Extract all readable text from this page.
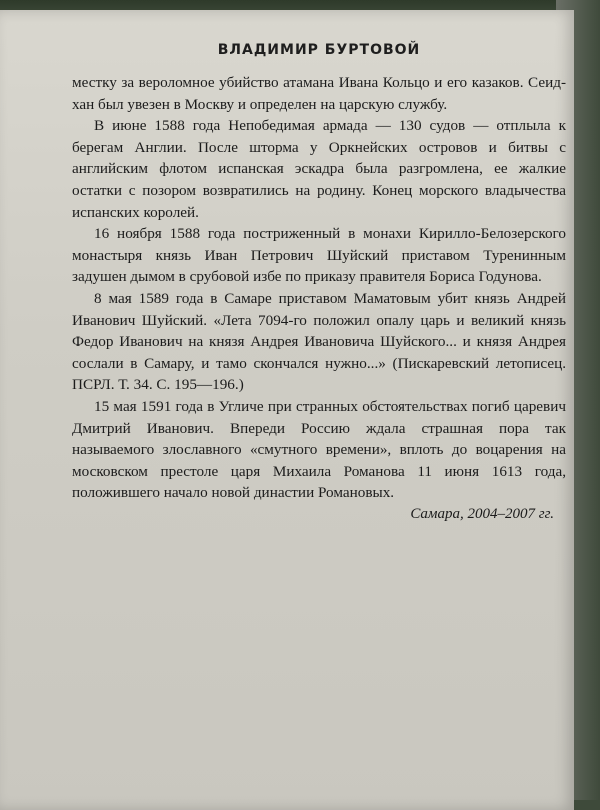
ВЛАДИМИР БУРТОВОЙ

местку за вероломное убийство атамана Ивана Кольцо и его казаков. Сеид-хан был увезен в Москву и определен на царскую службу.

В июне 1588 года Непобедимая армада — 130 судов — отплыла к берегам Англии. После шторма у Оркнейских островов и битвы с английским флотом испанская эскадра была разгромлена, ее жалкие остатки с позором возвратились на родину. Конец морского владычества испанских королей.

16 ноября 1588 года постриженный в монахи Кирилло-Белозерского монастыря князь Иван Петрович Шуйский приставом Туренинным задушен дымом в срубовой избе по приказу правителя Бориса Годунова.

8 мая 1589 года в Самаре приставом Маматовым убит князь Андрей Иванович Шуйский. «Лета 7094-го положил опалу царь и великий князь Федор Иванович на князя Андрея Ивановича Шуйского... и князя Андрея сослали в Самару, и тамо скончался нужно...» (Пискаревский летописец. ПСРЛ. Т. 34. С. 195—196.)

15 мая 1591 года в Угличе при странных обстоятельствах погиб царевич Дмитрий Иванович. Впереди Россию ждала страшная пора так называемого злославного «смутного времени», вплоть до воцарения на московском престоле царя Михаила Романова 11 июня 1613 года, положившего начало новой династии Романовых.

Самара, 2004–2007 гг.
